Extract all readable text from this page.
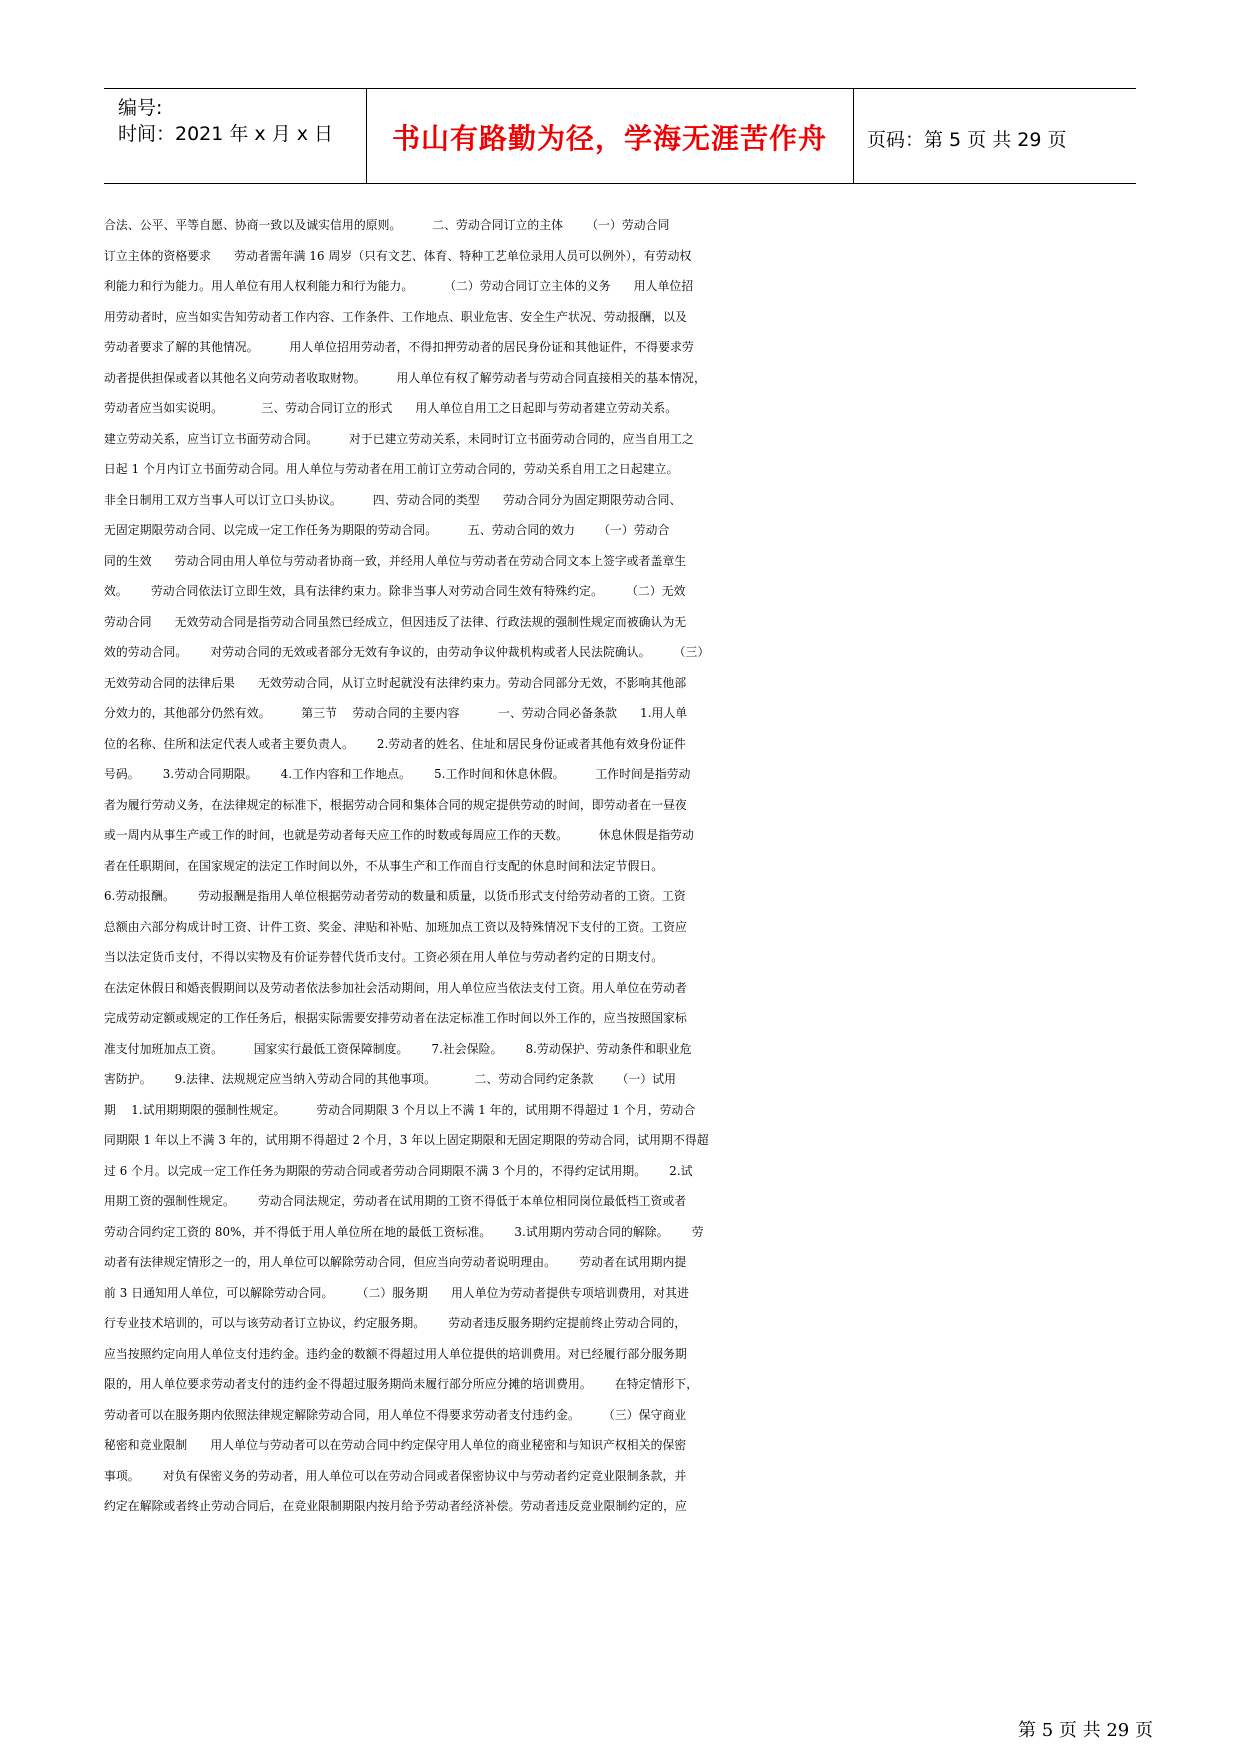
编号:
时间：2021 年 x 月 x 日	书山有路勤为径，学海无涯苦作舟	页码：第 5 页 共 29 页
合法、公平、平等自愿、协商一致以及诚实信用的原则。        二、劳动合同订立的主体      （一）劳动合同
订立主体的资格要求      劳动者需年满 16 周岁（只有文艺、体育、特种工艺单位录用人员可以例外），有劳动权
利能力和行为能力。用人单位有用人权利能力和行为能力。        （二）劳动合同订立主体的义务      用人单位招
用劳动者时，应当如实告知劳动者工作内容、工作条件、工作地点、职业危害、安全生产状况、劳动报酬，以及
劳动者要求了解的其他情况。        用人单位招用劳动者，不得扣押劳动者的居民身份证和其他证件，不得要求劳
动者提供担保或者以其他名义向劳动者收取财物。        用人单位有权了解劳动者与劳动合同直接相关的基本情况，
劳动者应当如实说明。          三、劳动合同订立的形式      用人单位自用工之日起即与劳动者建立劳动关系。
建立劳动关系，应当订立书面劳动合同。        对于已建立劳动关系，未同时订立书面劳动合同的，应当自用工之
日起 1 个月内订立书面劳动合同。用人单位与劳动者在用工前订立劳动合同的，劳动关系自用工之日起建立。
非全日制用工双方当事人可以订立口头协议。        四、劳动合同的类型      劳动合同分为固定期限劳动合同、
无固定期限劳动合同、以完成一定工作任务为期限的劳动合同。        五、劳动合同的效力      （一）劳动合
同的生效      劳动合同由用人单位与劳动者协商一致，并经用人单位与劳动者在劳动合同文本上签字或者盖章生
效。      劳动合同依法订立即生效，具有法律约束力。除非当事人对劳动合同生效有特殊约定。      （二）无效
劳动合同      无效劳动合同是指劳动合同虽然已经成立，但因违反了法律、行政法规的强制性规定而被确认为无
效的劳动合同。      对劳动合同的无效或者部分无效有争议的，由劳动争议仲裁机构或者人民法院确认。      （三）
无效劳动合同的法律后果      无效劳动合同，从订立时起就没有法律约束力。劳动合同部分无效，不影响其他部
分效力的，其他部分仍然有效。        第三节    劳动合同的主要内容          一、劳动合同必备条款      1.用人单
位的名称、住所和法定代表人或者主要负责人。      2.劳动者的姓名、住址和居民身份证或者其他有效身份证件
号码。      3.劳动合同期限。      4.工作内容和工作地点。      5.工作时间和休息休假。        工作时间是指劳动
者为履行劳动义务，在法律规定的标准下，根据劳动合同和集体合同的规定提供劳动的时间，即劳动者在一昼夜
或一周内从事生产或工作的时间，也就是劳动者每天应工作的时数或每周应工作的天数。        休息休假是指劳动
者在任职期间，在国家规定的法定工作时间以外，不从事生产和工作而自行支配的休息时间和法定节假日。
6.劳动报酬。      劳动报酬是指用人单位根据劳动者劳动的数量和质量，以货币形式支付给劳动者的工资。工资
总额由六部分构成计时工资、计件工资、奖金、津贴和补贴、加班加点工资以及特殊情况下支付的工资。工资应
当以法定货币支付，不得以实物及有价证券替代货币支付。工资必须在用人单位与劳动者约定的日期支付。
在法定休假日和婚丧假期间以及劳动者依法参加社会活动期间，用人单位应当依法支付工资。用人单位在劳动者
完成劳动定额或规定的工作任务后，根据实际需要安排劳动者在法定标准工作时间以外工作的，应当按照国家标
准支付加班加点工资。        国家实行最低工资保障制度。      7.社会保险。      8.劳动保护、劳动条件和职业危
害防护。      9.法律、法规规定应当纳入劳动合同的其他事项。          二、劳动合同约定条款      （一）试用
期    1.试用期期限的强制性规定。        劳动合同期限 3 个月以上不满 1 年的，试用期不得超过 1 个月，劳动合
同期限 1 年以上不满 3 年的，试用期不得超过 2 个月，3 年以上固定期限和无固定期限的劳动合同，试用期不得超
过 6 个月。以完成一定工作任务为期限的劳动合同或者劳动合同期限不满 3 个月的，不得约定试用期。      2.试
用期工资的强制性规定。      劳动合同法规定，劳动者在试用期的工资不得低于本单位相同岗位最低档工资或者
劳动合同约定工资的 80%，并不得低于用人单位所在地的最低工资标准。      3.试用期内劳动合同的解除。      劳
动者有法律规定情形之一的，用人单位可以解除劳动合同，但应当向劳动者说明理由。      劳动者在试用期内提
前 3 日通知用人单位，可以解除劳动合同。      （二）服务期      用人单位为劳动者提供专项培训费用，对其进
行专业技术培训的，可以与该劳动者订立协议，约定服务期。      劳动者违反服务期约定提前终止劳动合同的，
应当按照约定向用人单位支付违约金。违约金的数额不得超过用人单位提供的培训费用。对已经履行部分服务期
限的，用人单位要求劳动者支付的违约金不得超过服务期尚未履行部分所应分摊的培训费用。      在特定情形下，
劳动者可以在服务期内依照法律规定解除劳动合同，用人单位不得要求劳动者支付违约金。      （三）保守商业
秘密和竞业限制      用人单位与劳动者可以在劳动合同中约定保守用人单位的商业秘密和与知识产权相关的保密
事项。      对负有保密义务的劳动者，用人单位可以在劳动合同或者保密协议中与劳动者约定竞业限制条款，并
约定在解除或者终止劳动合同后，在竞业限制期限内按月给予劳动者经济补偿。劳动者违反竞业限制约定的，应
第 5 页 共 29 页
